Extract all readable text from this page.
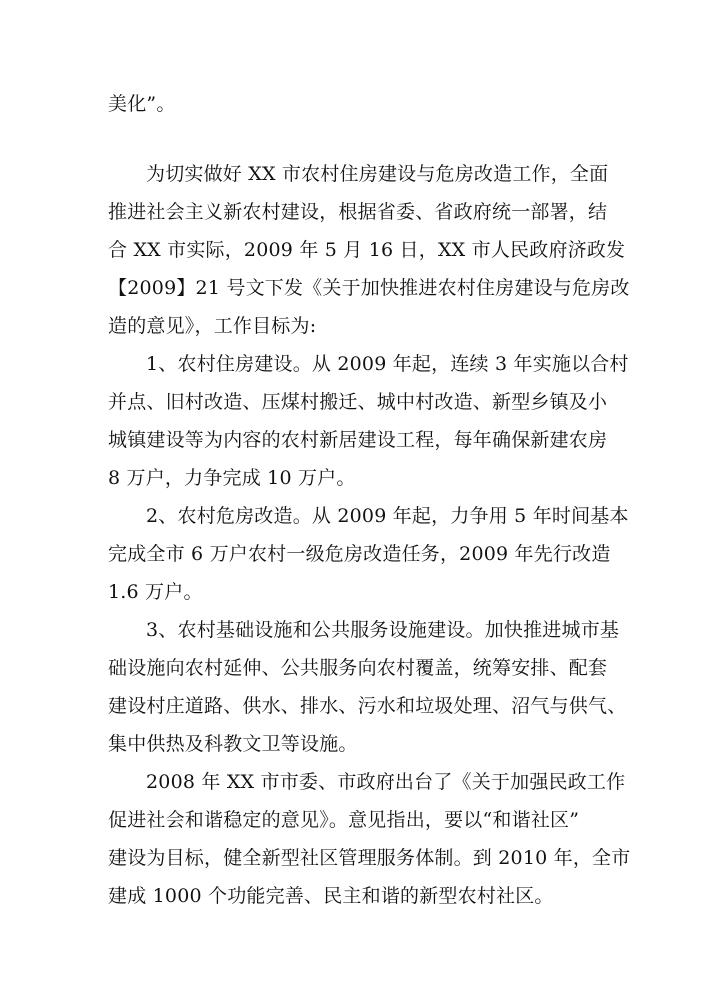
美化”。
为切实做好 XX 市农村住房建设与危房改造工作，全面
推进社会主义新农村建设，根据省委、省政府统一部署，结
合 XX 市实际，2009 年 5 月 16 日，XX 市人民政府济政发
【2009】21 号文下发《关于加快推进农村住房建设与危房改
造的意见》，工作目标为:
1、农村住房建设。从 2009 年起，连续 3 年实施以合村
并点、旧村改造、压煤村搬迁、城中村改造、新型乡镇及小
城镇建设等为内容的农村新居建设工程，每年确保新建农房
8 万户，力争完成 10 万户。
2、农村危房改造。从 2009 年起，力争用 5 年时间基本
完成全市 6 万户农村一级危房改造任务，2009 年先行改造
1.6 万户。
3、农村基础设施和公共服务设施建设。加快推进城市基
础设施向农村延伸、公共服务向农村覆盖，统筹安排、配套
建设村庄道路、供水、排水、污水和垃圾处理、沼气与供气、
集中供热及科教文卫等设施。
2008 年 XX 市市委、市政府出台了《关于加强民政工作
促进社会和谐稳定的意见》。意见指出，要以“和谐社区”
建设为目标，健全新型社区管理服务体制。到 2010 年，全市
建成 1000 个功能完善、民主和谐的新型农村社区。
